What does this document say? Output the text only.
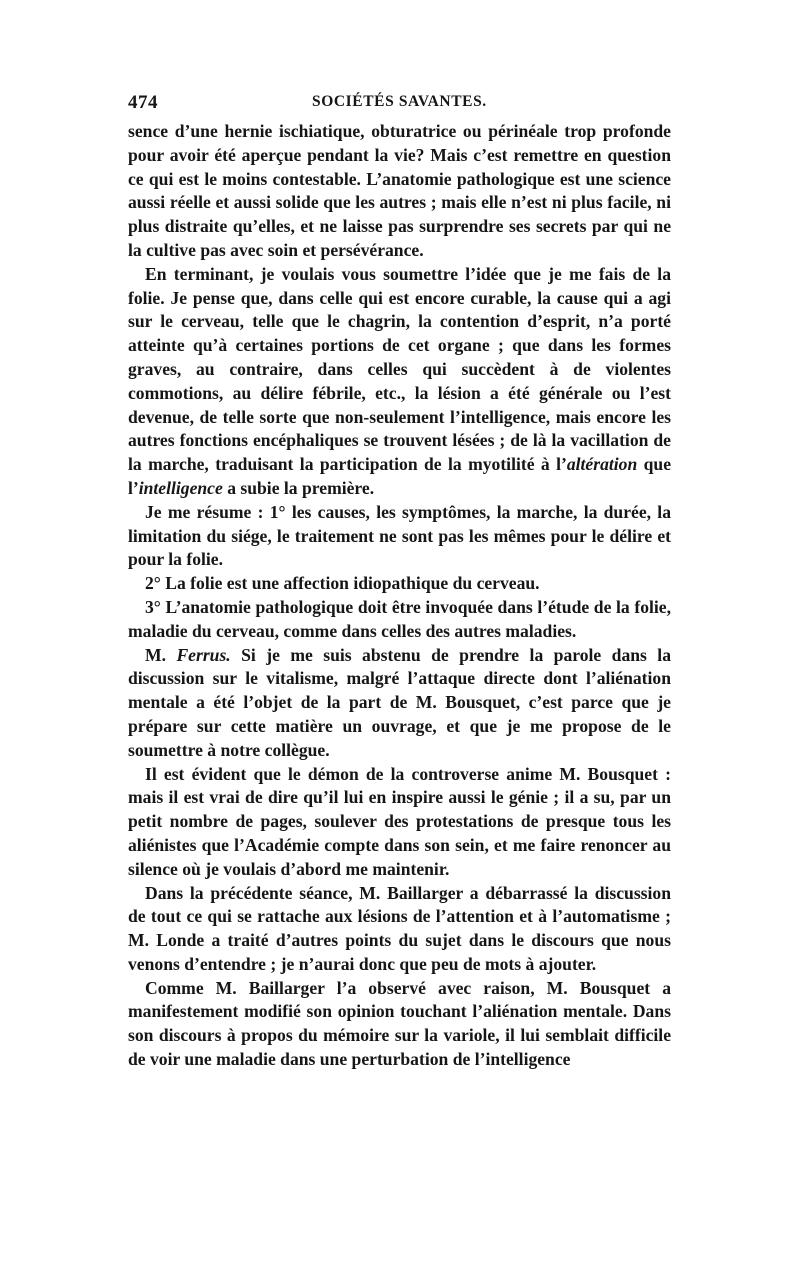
474	SOCIÉTÉS SAVANTES.

sence d’une hernie ischiatique, obturatrice ou périnéale trop profonde pour avoir été aperçue pendant la vie? Mais c’est remettre en question ce qui est le moins contestable. L’anatomie pathologique est une science aussi réelle et aussi solide que les autres ; mais elle n’est ni plus facile, ni plus distraite qu’elles, et ne laisse pas surprendre ses secrets par qui ne la cultive pas avec soin et persévérance.

En terminant, je voulais vous soumettre l’idée que je me fais de la folie. Je pense que, dans celle qui est encore curable, la cause qui a agi sur le cerveau, telle que le chagrin, la contention d’esprit, n’a porté atteinte qu’à certaines portions de cet organe ; que dans les formes graves, au contraire, dans celles qui succèdent à de violentes commotions, au délire fébrile, etc., la lésion a été générale ou l’est devenue, de telle sorte que non-seulement l’intelligence, mais encore les autres fonctions encéphaliques se trouvent lésées ; de là la vacillation de la marche, traduisant la participation de la myotilité à l’altération que l’intelligence a subie la première.

Je me résume : 1° les causes, les symptômes, la marche, la durée, la limitation du siége, le traitement ne sont pas les mêmes pour le délire et pour la folie.

2° La folie est une affection idiopathique du cerveau.

3° L’anatomie pathologique doit être invoquée dans l’étude de la folie, maladie du cerveau, comme dans celles des autres maladies.

M. Ferrus. Si je me suis abstenu de prendre la parole dans la discussion sur le vitalisme, malgré l’attaque directe dont l’aliénation mentale a été l’objet de la part de M. Bousquet, c’est parce que je prépare sur cette matière un ouvrage, et que je me propose de le soumettre à notre collègue.

Il est évident que le démon de la controverse anime M. Bousquet : mais il est vrai de dire qu’il lui en inspire aussi le génie ; il a su, par un petit nombre de pages, soulever des protestations de presque tous les aliénistes que l’Académie compte dans son sein, et me faire renoncer au silence où je voulais d’abord me maintenir.

Dans la précédente séance, M. Baillarger a débarrassé la discussion de tout ce qui se rattache aux lésions de l’attention et à l’automatisme ; M. Londe a traité d’autres points du sujet dans le discours que nous venons d’entendre ; je n’aurai donc que peu de mots à ajouter.

Comme M. Baillarger l’a observé avec raison, M. Bousquet a manifestement modifié son opinion touchant l’aliénation mentale. Dans son discours à propos du mémoire sur la variole, il lui semblait difficile de voir une maladie dans une perturbation de l’intelligence
